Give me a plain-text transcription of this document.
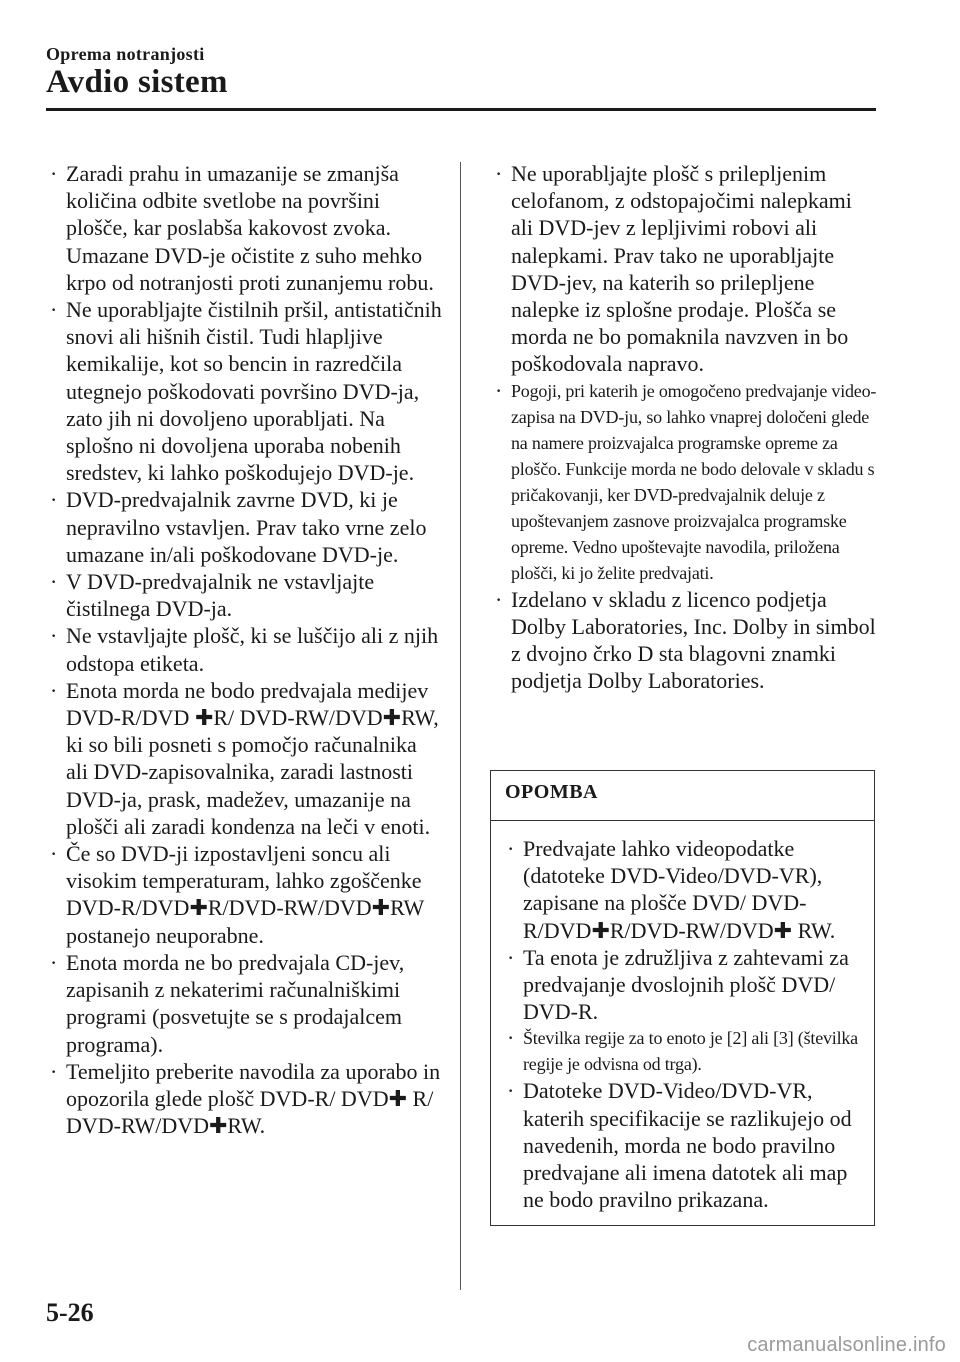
Oprema notranjosti
Avdio sistem
· Zaradi prahu in umazanije se zmanjša količina odbite svetlobe na površini plošče, kar poslabša kakovost zvoka. Umazane DVD-je očistite z suho mehko krpo od notranjosti proti zunanjemu robu.
· Ne uporabljajte čistilnih pršil, antistatičnih snovi ali hišnih čistil. Tudi hlapljive kemikalije, kot so bencin in razredčila utegnejo poškodovati površino DVD-ja, zato jih ni dovoljeno uporabljati. Na splošno ni dovoljena uporaba nobenih sredstev, ki lahko poškodujejo DVD-je.
· DVD-predvajalnik zavrne DVD, ki je nepravilno vstavljen. Prav tako vrne zelo umazane in/ali poškodovane DVD-je.
· V DVD-predvajalnik ne vstavljajte čistilnega DVD-ja.
· Ne vstavljajte plošč, ki se luščijo ali z njih odstopa etiketa.
· Enota morda ne bodo predvajala medijev DVD-R/DVD ✚R/ DVD-RW/DVD✚RW, ki so bili posneti s pomočjo računalnika ali DVD-zapisovalnika, zaradi lastnosti DVD-ja, prask, madežev, umazanije na plošči ali zaradi kondenza na leči v enoti.
· Če so DVD-ji izpostavljeni soncu ali visokim temperaturam, lahko zgoščenke DVD-R/DVD✚R/DVD-RW/DVD✚RW postanejo neuporabne.
· Enota morda ne bo predvajala CD-jev, zapisanih z nekaterimi računalniškimi programi (posvetujte se s prodajalcem programa).
· Temeljito preberite navodila za uporabo in opozorila glede plošč DVD-R/ DVD✚ R/ DVD-RW/DVD✚RW.
· Ne uporabljajte plošč s prilepljenim celofanom, z odstopajočimi nalepkami ali DVD-jev z lepljivimi robovi ali nalepkami. Prav tako ne uporabljajte DVD-jev, na katerih so prilepljene nalepke iz splošne prodaje. Plošča se morda ne bo pomaknila navzven in bo poškodovala napravo.
· Pogoji, pri katerih je omogočeno predvajanje video-zapisa na DVD-ju, so lahko vnaprej določeni glede na namere proizvajalca programske opreme za ploščo. Funkcije morda ne bodo delovale v skladu s pričakovanji, ker DVD-predvajalnik deluje z upoštevanjem zasnove proizvajalca programske opreme. Vedno upoštevajte navodila, priložena plošči, ki jo želite predvajati.
· Izdelano v skladu z licenco podjetja Dolby Laboratories, Inc. Dolby in simbol z dvojno črko D sta blagovni znamki podjetja Dolby Laboratories.
OPOMBA
· Predvajate lahko videopodatke (datoteke DVD-Video/DVD-VR), zapisane na plošče DVD/ DVD-R/DVD✚R/DVD-RW/DVD✚ RW.
· Ta enota je združljiva z zahtevami za predvajanje dvoslojnih plošč DVD/ DVD-R.
· Številka regije za to enoto je [2] ali [3] (številka regije je odvisna od trga).
· Datoteke DVD-Video/DVD-VR, katerih specifikacije se razlikujejo od navedenih, morda ne bodo pravilno predvajane ali imena datotek ali map ne bodo pravilno prikazana.
5-26
carmanualsonline.info
